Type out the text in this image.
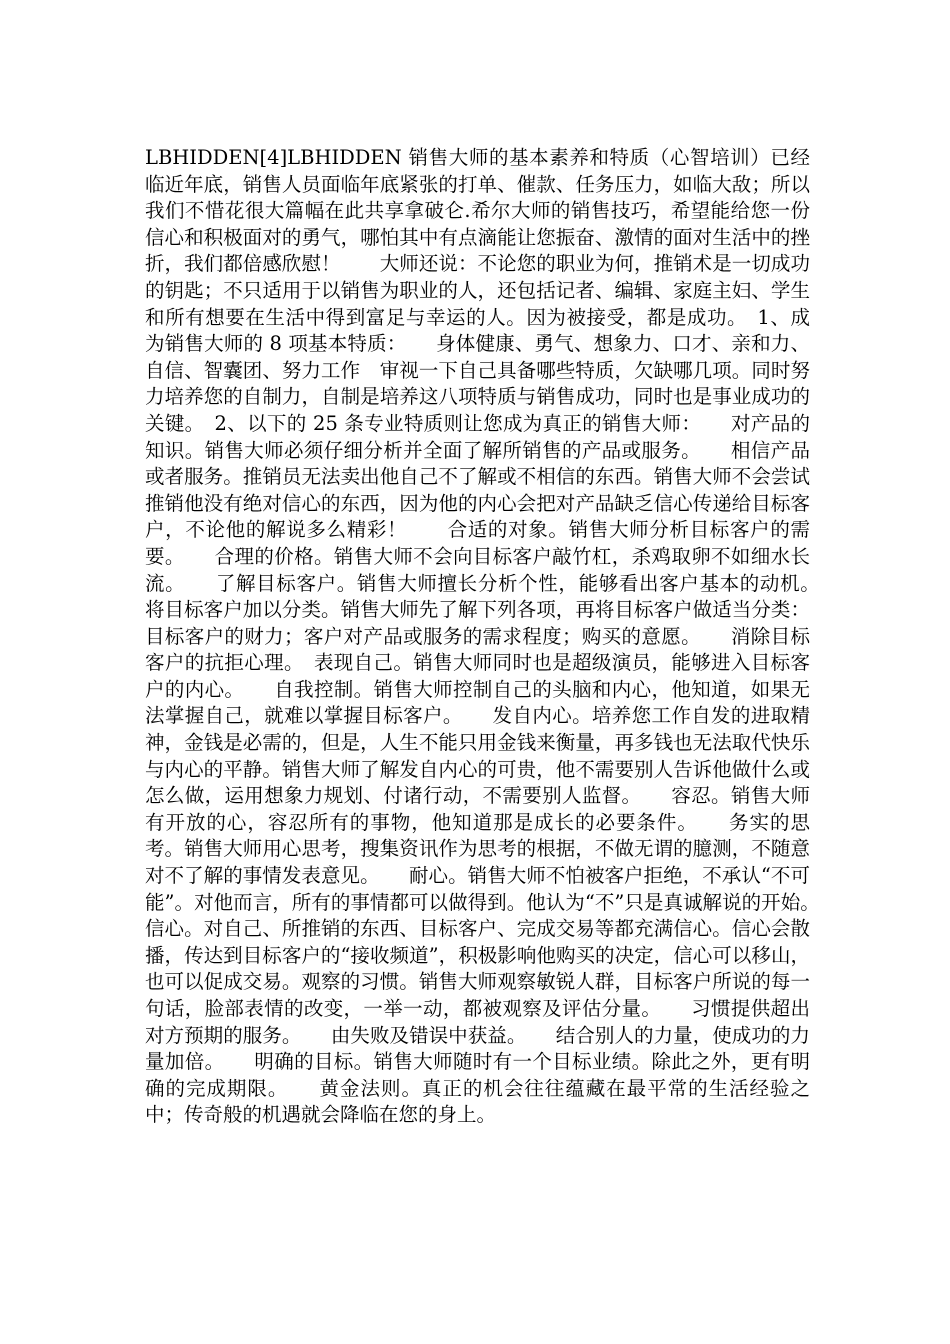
LBHIDDEN[4]LBHIDDEN 销售大师的基本素养和特质（心智培训）已经临近年底，销售人员面临年底紧张的打单、催款、任务压力，如临大敌；所以我们不惜花很大篇幅在此共享拿破仑.希尔大师的销售技巧，希望能给您一份信心和积极面对的勇气，哪怕其中有点滴能让您振奋、激情的面对生活中的挫折，我们都倍感欣慰！　　大师还说：不论您的职业为何，推销术是一切成功的钥匙；不只适用于以销售为职业的人，还包括记者、编辑、家庭主妇、学生和所有想要在生活中得到富足与幸运的人。因为被接受，都是成功。　1、成为销售大师的 8 项基本特质：　　身体健康、勇气、想象力、口才、亲和力、自信、智囊团、努力工作　审视一下自己具备哪些特质，欠缺哪几项。同时努力培养您的自制力，自制是培养这八项特质与销售成功，同时也是事业成功的关键。　2、以下的 25 条专业特质则让您成为真正的销售大师：　　对产品的知识。销售大师必须仔细分析并全面了解所销售的产品或服务。　　相信产品或者服务。推销员无法卖出他自己不了解或不相信的东西。销售大师不会尝试推销他没有绝对信心的东西，因为他的内心会把对产品缺乏信心传递给目标客户，不论他的解说多么精彩！　　合适的对象。销售大师分析目标客户的需要。　　合理的价格。销售大师不会向目标客户敲竹杠，杀鸡取卵不如细水长流。　　了解目标客户。销售大师擅长分析个性，能够看出客户基本的动机。　　将目标客户加以分类。销售大师先了解下列各项，再将目标客户做适当分类：目标客户的财力；客户对产品或服务的需求程度；购买的意愿。　　消除目标客户的抗拒心理。　表现自己。销售大师同时也是超级演员，能够进入目标客户的内心。　　自我控制。销售大师控制自己的头脑和内心，他知道，如果无法掌握自己，就难以掌握目标客户。　　发自内心。培养您工作自发的进取精神，金钱是必需的，但是，人生不能只用金钱来衡量，再多钱也无法取代快乐与内心的平静。销售大师了解发自内心的可贵，他不需要别人告诉他做什么或怎么做，运用想象力规划、付诸行动，不需要别人监督。　　容忍。销售大师有开放的心，容忍所有的事物，他知道那是成长的必要条件。　　务实的思考。销售大师用心思考，搜集资讯作为思考的根据，不做无谓的臆测，不随意对不了解的事情发表意见。　　耐心。销售大师不怕被客户拒绝，不承认“不可能”。对他而言，所有的事情都可以做得到。他认为“不”只是真诚解说的开始。　　信心。对自己、所推销的东西、目标客户、完成交易等都充满信心。信心会散播，传达到目标客户的“接收频道”，积极影响他购买的决定，信心可以移山，也可以促成交易。观察的习惯。销售大师观察敏锐人群，目标客户所说的每一句话，脸部表情的改变，一举一动，都被观察及评估分量。　　习惯提供超出对方预期的服务。　　由失败及错误中获益。　　结合别人的力量，使成功的力量加倍。　　明确的目标。销售大师随时有一个目标业绩。除此之外，更有明确的完成期限。　　黄金法则。真正的机会往往蕴藏在最平常的生活经验之中；传奇般的机遇就会降临在您的身上。
